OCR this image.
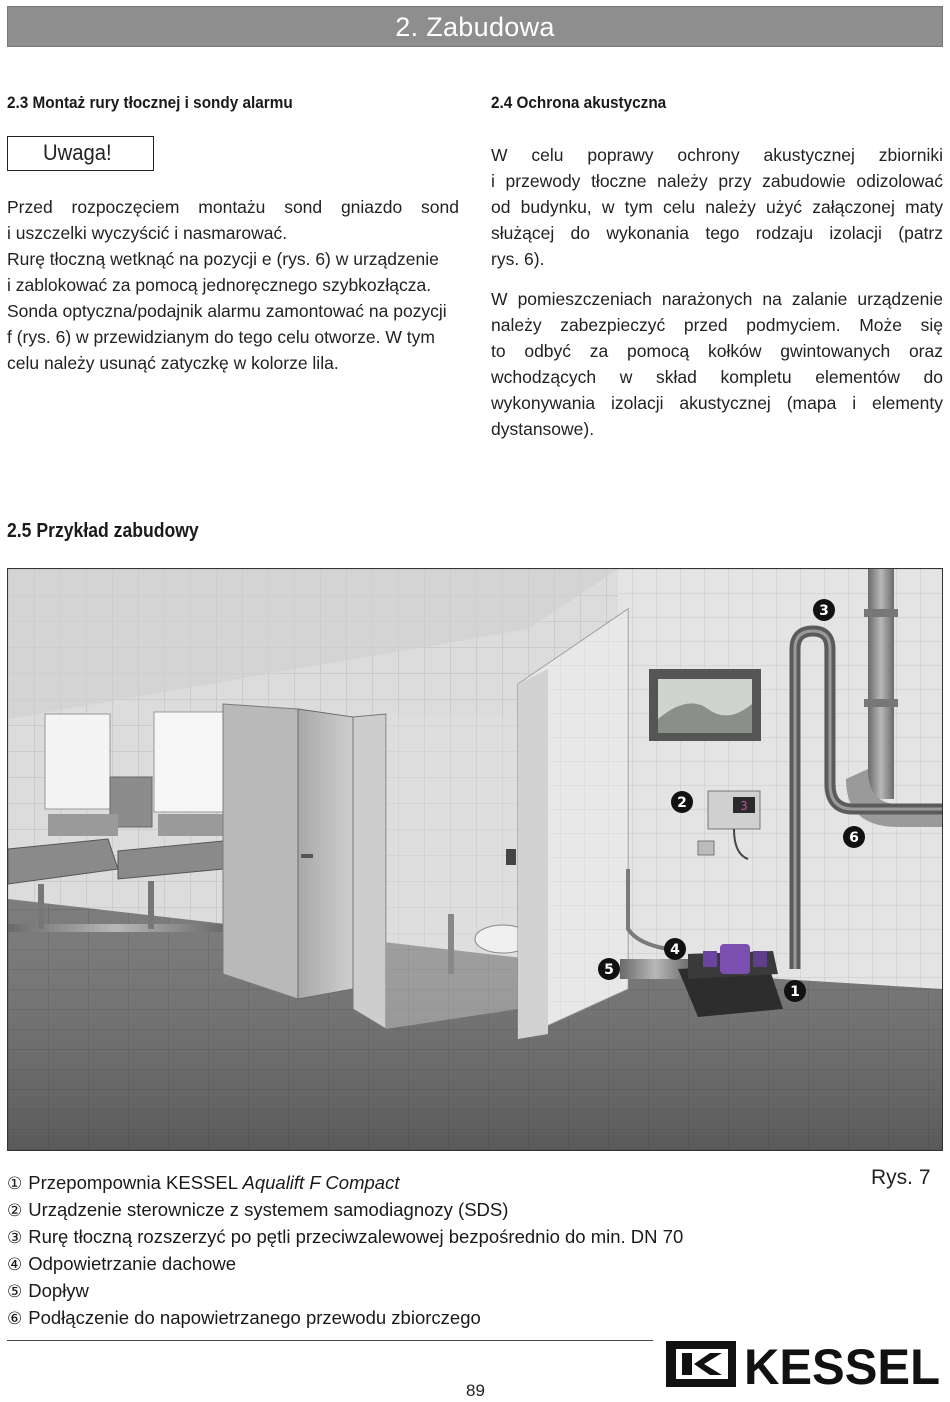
2. Zabudowa
2.3 Montaż rury tłocznej i sondy alarmu
Uwaga!
Przed rozpoczęciem montażu sond gniazdo sond
i uszczelki wyczyścić i nasmarować.
Rurę tłoczną wetknąć na pozycji e (rys. 6) w urządzenie
i zablokować za pomocą jednoręcznego szybkozłącza.
Sonda optyczna/podajnik alarmu zamontować na pozycji
f (rys. 6) w przewidzianym do tego celu otworze. W tym
celu należy usunąć zatyczkę w kolorze lila.
2.4 Ochrona akustyczna
W celu poprawy ochrony akustycznej zbiorniki
i przewody tłoczne należy przy zabudowie odizolować
od budynku, w tym celu należy użyć załączonej maty
służącej do wykonania tego rodzaju izolacji (patrz
rys. 6).
W pomieszczeniach narażonych na zalanie urządzenie
należy zabezpieczyć przed podmyciem. Może się
to odbyć za pomocą kołków gwintowanych oraz
wchodzących w skład kompletu elementów do
wykonywania izolacji akustycznej (mapa i elementy
dystansowe).
2.5 Przykład zabudowy
3
3
2
6
4
5
1
① Przepompownia KESSEL Aqualift F Compact
② Urządzenie sterownicze z systemem samodiagnozy (SDS)
③ Rurę tłoczną rozszerzyć po pętli przeciwzalewowej bezpośrednio do min. DN 70
④ Odpowietrzanie dachowe
⑤ Dopływ
⑥ Podłączenie do napowietrzanego przewodu zbiorczego
Rys. 7
89	KESSEL
